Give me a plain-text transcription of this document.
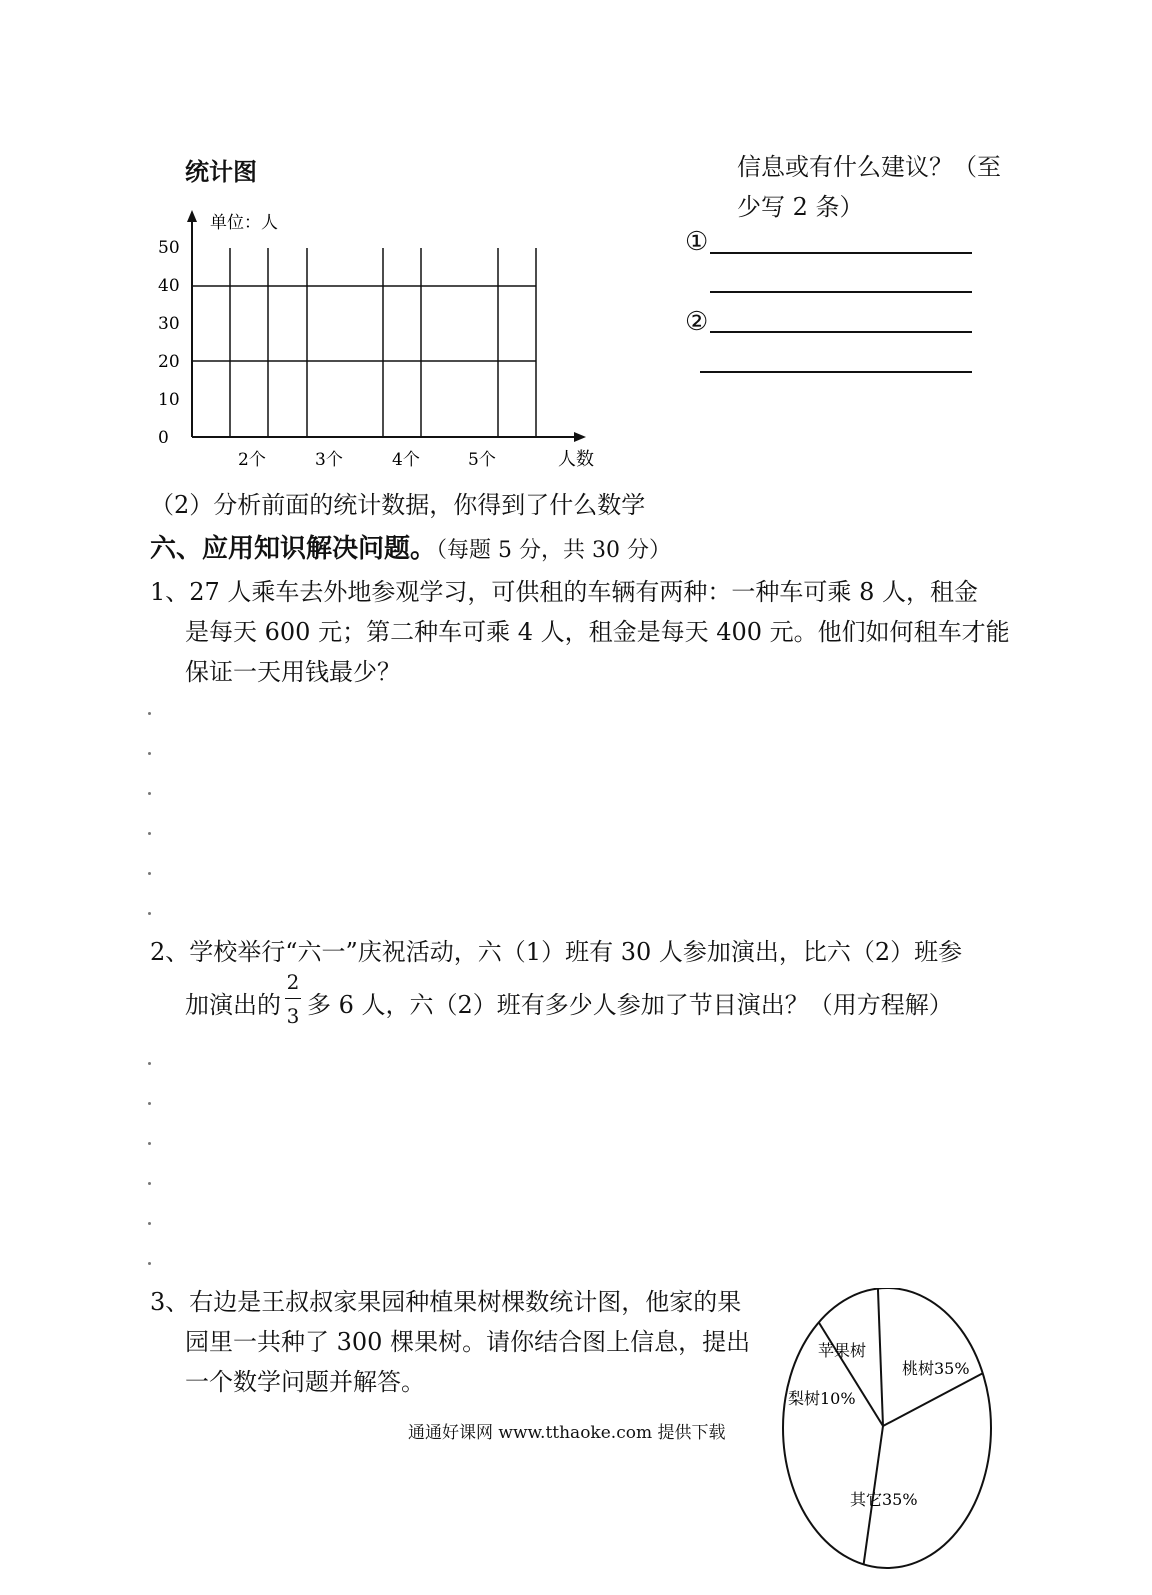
统计图
单位：人
0
10
20
30
40
50
2个	3个	4个	5个	人数
信息或有什么建议？（至
少写 2 条）
①
②
（2）分析前面的统计数据，你得到了什么数学
六、应用知识解决问题。（每题 5 分，共 30 分）
1、27 人乘车去外地参观学习，可供租的车辆有两种：一种车可乘 8 人，租金
是每天 600 元；第二种车可乘 4 人，租金是每天 400 元。他们如何租车才能
保证一天用钱最少？
2、学校举行“六一”庆祝活动，六（1）班有 30 人参加演出，比六（2）班参
加演出的
2
3 多 6 人，六（2）班有多少人参加了节目演出？（用方程解）
3、右边是王叔叔家果园种植果树棵数统计图，他家的果
园里一共种了 300 棵果树。请你结合图上信息，提出
一个数学问题并解答。
苹果树
桃树35%
梨树10%
其它35%
通通好课网 www.tthaoke.com 提供下载
